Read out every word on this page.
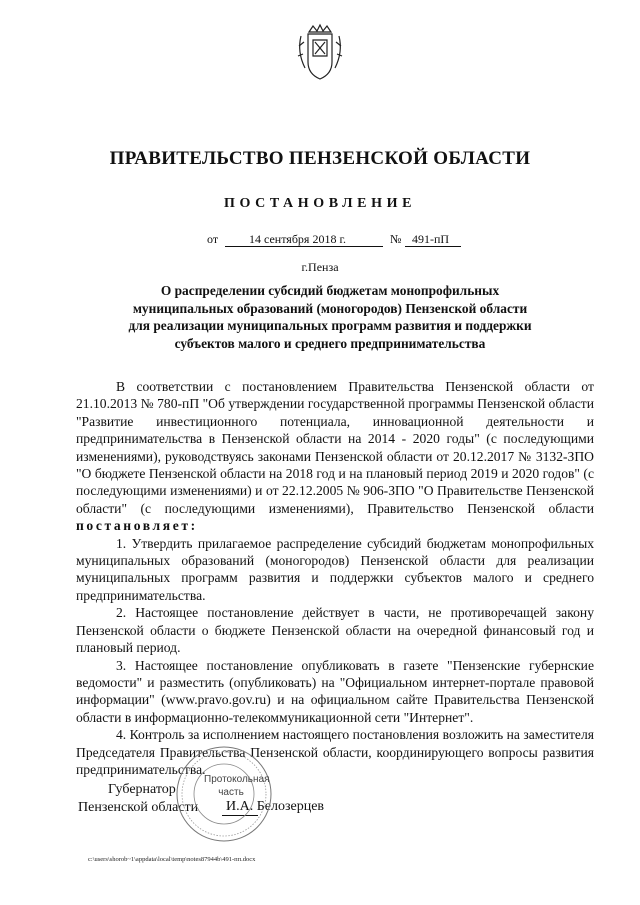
ПРАВИТЕЛЬСТВО ПЕНЗЕНСКОЙ ОБЛАСТИ
ПОСТАНОВЛЕНИЕ
от	14 сентября 2018 г.	№ 491-пП
г.Пенза
О распределении субсидий бюджетам монопрофильных
муниципальных образований (моногородов) Пензенской области
для реализации муниципальных программ развития и поддержки
субъектов малого и среднего предпринимательства

В соответствии с постановлением Правительства Пензенской области от 21.10.2013 № 780-пП "Об утверждении государственной программы Пензенской области "Развитие инвестиционного потенциала, инновационной деятельности и предпринимательства в Пензенской области на 2014 - 2020 годы" (с последующими изменениями), руководствуясь законами Пензенской области от 20.12.2017 № 3132-ЗПО "О бюджете Пензенской области на 2018 год и на плановый период 2019 и 2020 годов" (с последующими изменениями) и от 22.12.2005 № 906-ЗПО "О Правительстве Пензенской области" (с последующими изменениями), Правительство Пензенской области постановляет:

1. Утвердить прилагаемое распределение субсидий бюджетам монопрофильных муниципальных образований (моногородов) Пензенской области для реализации муниципальных программ развития и поддержки субъектов малого и среднего предпринимательства.

2. Настоящее постановление действует в части, не противоречащей закону Пензенской области о бюджете Пензенской области на очередной финансовый год и плановый период.

3. Настоящее постановление опубликовать в газете "Пензенские губернские ведомости" и разместить (опубликовать) на "Официальном интернет-портале правовой информации" (www.pravo.gov.ru) и на официальном сайте Правительства Пензенской области в информационно-телекоммуникационной сети "Интернет".

4. Контроль за исполнением настоящего постановления возложить на заместителя Председателя Правительства Пензенской области, координирующего вопросы развития предпринимательства.

Губернатор
Пензенской области И.А. Белозерцев
Протокольная
часть
c:\users\shorob~1\appdata\local\temp\notes87944b\491-пп.docx
